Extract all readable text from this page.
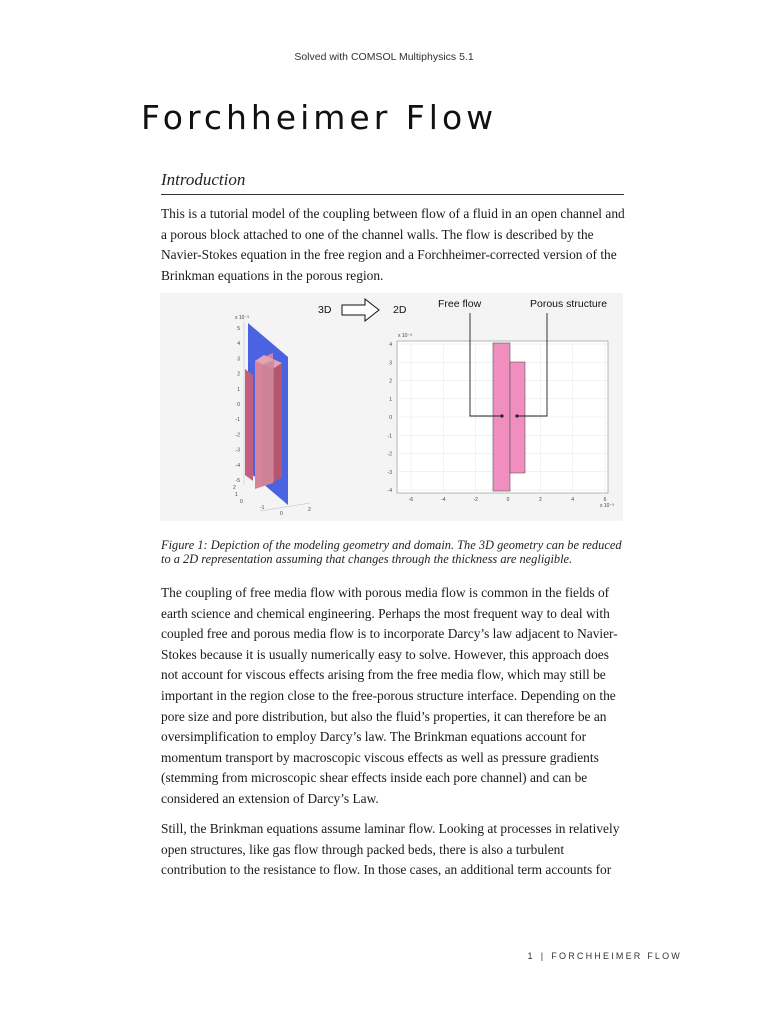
Solved with COMSOL Multiphysics 5.1
Forchheimer Flow
Introduction
This is a tutorial model of the coupling between flow of a fluid in an open channel and a porous block attached to one of the channel walls. The flow is described by the Navier-Stokes equation in the free region and a Forchheimer-corrected version of the Brinkman equations in the porous region.
x 10⁻³
5
4
3
2
1
0
-1
-2
-3
-4
-5
2
1
0
-1
0
2
3D	2D	Free flow	Porous structure
x 10⁻³
x 10⁻³
4
3
2
1
0
-1
-2
-3
-4
-6	-4	-2	0	2	4	6
Figure 1: Depiction of the modeling geometry and domain. The 3D geometry can be reduced to a 2D representation assuming that changes through the thickness are negligible.
The coupling of free media flow with porous media flow is common in the fields of earth science and chemical engineering. Perhaps the most frequent way to deal with coupled free and porous media flow is to incorporate Darcy’s law adjacent to Navier-Stokes because it is usually numerically easy to solve. However, this approach does not account for viscous effects arising from the free media flow, which may still be important in the region close to the free-porous structure interface. Depending on the pore size and pore distribution, but also the fluid’s properties, it can therefore be an oversimplification to employ Darcy’s law. The Brinkman equations account for momentum transport by macroscopic viscous effects as well as pressure gradients (stemming from microscopic shear effects inside each pore channel) and can be considered an extension of Darcy’s Law.
Still, the Brinkman equations assume laminar flow. Looking at processes in relatively open structures, like gas flow through packed beds, there is also a turbulent contribution to the resistance to flow. In those cases, an additional term accounts for
1 | FORCHHEIMER FLOW
